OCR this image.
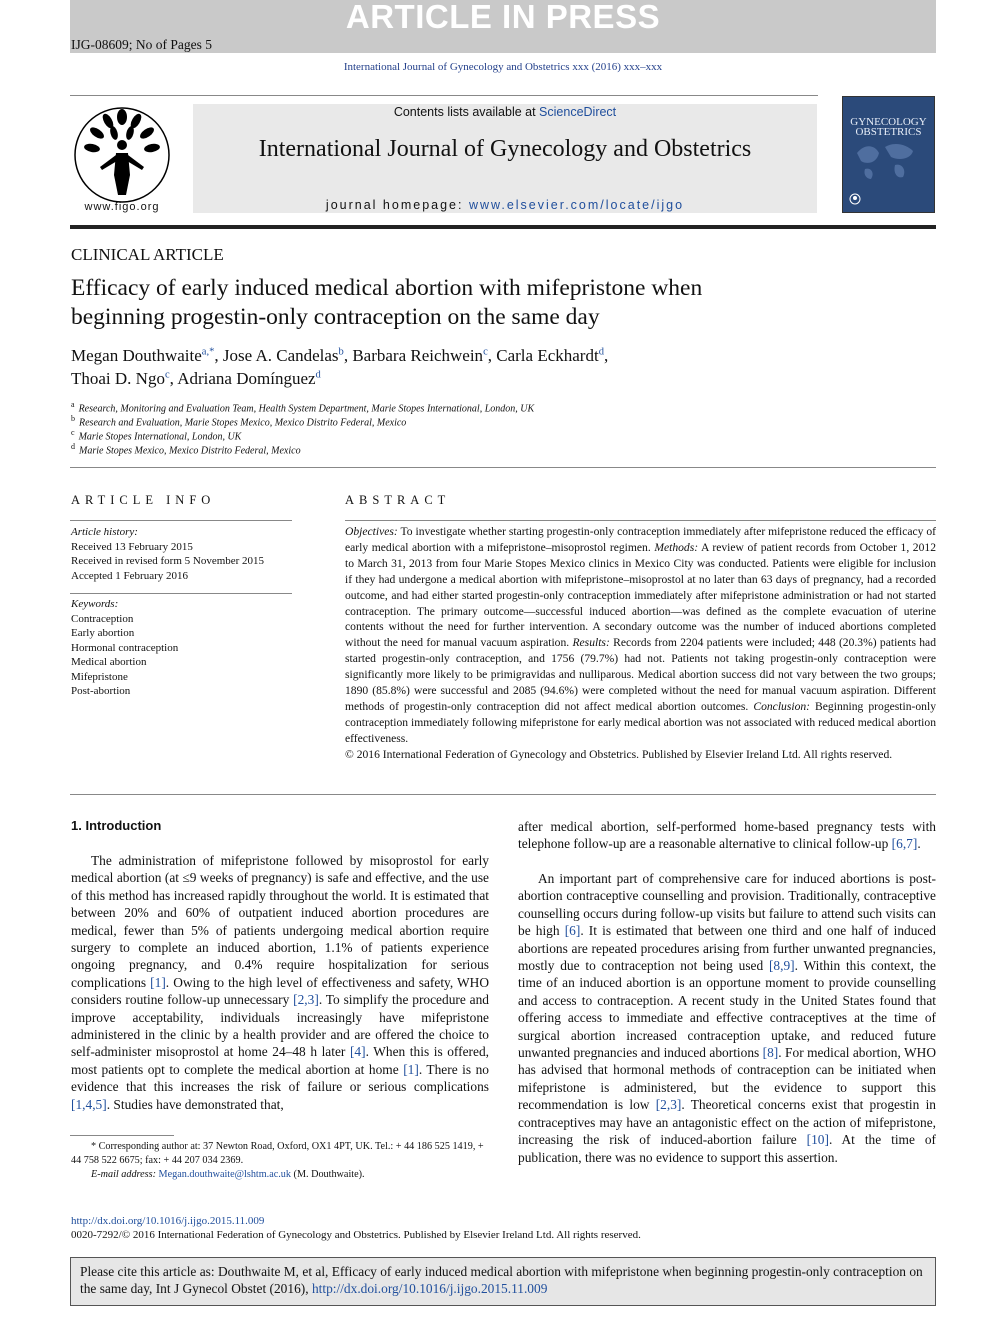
ARTICLE IN PRESS
IJG-08609; No of Pages 5
International Journal of Gynecology and Obstetrics xxx (2016) xxx–xxx
www.figo.org
Contents lists available at ScienceDirect
International Journal of Gynecology and Obstetrics
journal homepage: www.elsevier.com/locate/ijgo
GYNECOLOGY
OBSTETRICS
CLINICAL ARTICLE
Efficacy of early induced medical abortion with mifepristone when
beginning progestin-only contraception on the same day
Megan Douthwaite$^{a,*}$, Jose A. Candelas$^b$, Barbara Reichwein$^c$, Carla Eckhardt$^d$,
Thoai D. Ngo$^c$, Adriana Domínguez$^d$
$^a$ Research, Monitoring and Evaluation Team, Health System Department, Marie Stopes International, London, UK
$^b$ Research and Evaluation, Marie Stopes Mexico, Mexico Distrito Federal, Mexico
$^c$ Marie Stopes International, London, UK
$^d$ Marie Stopes Mexico, Mexico Distrito Federal, Mexico
ARTICLE INFO
Article history:
Received 13 February 2015
Received in revised form 5 November 2015
Accepted 1 February 2016
Keywords:
Contraception
Early abortion
Hormonal contraception
Medical abortion
Mifepristone
Post-abortion
ABSTRACT
Objectives: To investigate whether starting progestin-only contraception immediately after mifepristone reduced the efficacy of early medical abortion with a mifepristone–misoprostol regimen. Methods: A review of patient records from October 1, 2012 to March 31, 2013 from four Marie Stopes Mexico clinics in Mexico City was conducted. Patients were eligible for inclusion if they had undergone a medical abortion with mifepristone–misoprostol at no later than 63 days of pregnancy, had a recorded outcome, and had either started progestin-only contraception immediately after mifepristone administration or had not started contraception. The primary outcome—successful induced abortion—was defined as the complete evacuation of uterine contents without the need for further intervention. A secondary outcome was the number of induced abortions completed without the need for manual vacuum aspiration. Results: Records from 2204 patients were included; 448 (20.3%) patients had started progestin-only contraception, and 1756 (79.7%) had not. Patients not taking progestin-only contraception were significantly more likely to be primigravidas and nulliparous. Medical abortion success did not vary between the two groups; 1890 (85.8%) were successful and 2085 (94.6%) were completed without the need for manual vacuum aspiration. Different methods of progestin-only contraception did not affect medical abortion outcomes. Conclusion: Beginning progestin-only contraception immediately following mifepristone for early medical abortion was not associated with reduced medical abortion effectiveness.
© 2016 International Federation of Gynecology and Obstetrics. Published by Elsevier Ireland Ltd. All rights reserved.
1. Introduction
The administration of mifepristone followed by misoprostol for early medical abortion (at ≤9 weeks of pregnancy) is safe and effective, and the use of this method has increased rapidly throughout the world. It is estimated that between 20% and 60% of outpatient induced abortion procedures are medical, fewer than 5% of patients undergoing medical abortion require surgery to complete an induced abortion, 1.1% of patients experience ongoing pregnancy, and 0.4% require hospitalization for serious complications [1]. Owing to the high level of effectiveness and safety, WHO considers routine follow-up unnecessary [2,3]. To simplify the procedure and improve acceptability, individuals increasingly have mifepristone administered in the clinic by a health provider and are offered the choice to self-administer misoprostol at home 24–48 h later [4]. When this is offered, most patients opt to complete the medical abortion at home [1]. There is no evidence that this increases the risk of failure or serious complications [1,4,5]. Studies have demonstrated that,
* Corresponding author at: 37 Newton Road, Oxford, OX1 4PT, UK. Tel.: + 44 186 525 1419, + 44 758 522 6675; fax: + 44 207 034 2369.
E-mail address: Megan.douthwaite@lshtm.ac.uk (M. Douthwaite).
after medical abortion, self-performed home-based pregnancy tests with telephone follow-up are a reasonable alternative to clinical follow-up [6,7].
An important part of comprehensive care for induced abortions is post-abortion contraceptive counselling and provision. Traditionally, contraceptive counselling occurs during follow-up visits but failure to attend such visits can be high [6]. It is estimated that between one third and one half of induced abortions are repeated procedures arising from further unwanted pregnancies, mostly due to contraception not being used [8,9]. Within this context, the time of an induced abortion is an opportune moment to provide counselling and access to contraception. A recent study in the United States found that offering access to immediate and effective contraceptives at the time of surgical abortion increased contraception uptake, and reduced future unwanted pregnancies and induced abortions [8]. For medical abortion, WHO has advised that hormonal methods of contraception can be initiated when mifepristone is administered, but the evidence to support this recommendation is low [2,3]. Theoretical concerns exist that progestin in contraceptives may have an antagonistic effect on the action of mifepristone, increasing the risk of induced-abortion failure [10]. At the time of publication, there was no evidence to support this assertion.
http://dx.doi.org/10.1016/j.ijgo.2015.11.009
0020-7292/© 2016 International Federation of Gynecology and Obstetrics. Published by Elsevier Ireland Ltd. All rights reserved.
Please cite this article as: Douthwaite M, et al, Efficacy of early induced medical abortion with mifepristone when beginning progestin-only contraception on the same day, Int J Gynecol Obstet (2016), http://dx.doi.org/10.1016/j.ijgo.2015.11.009
